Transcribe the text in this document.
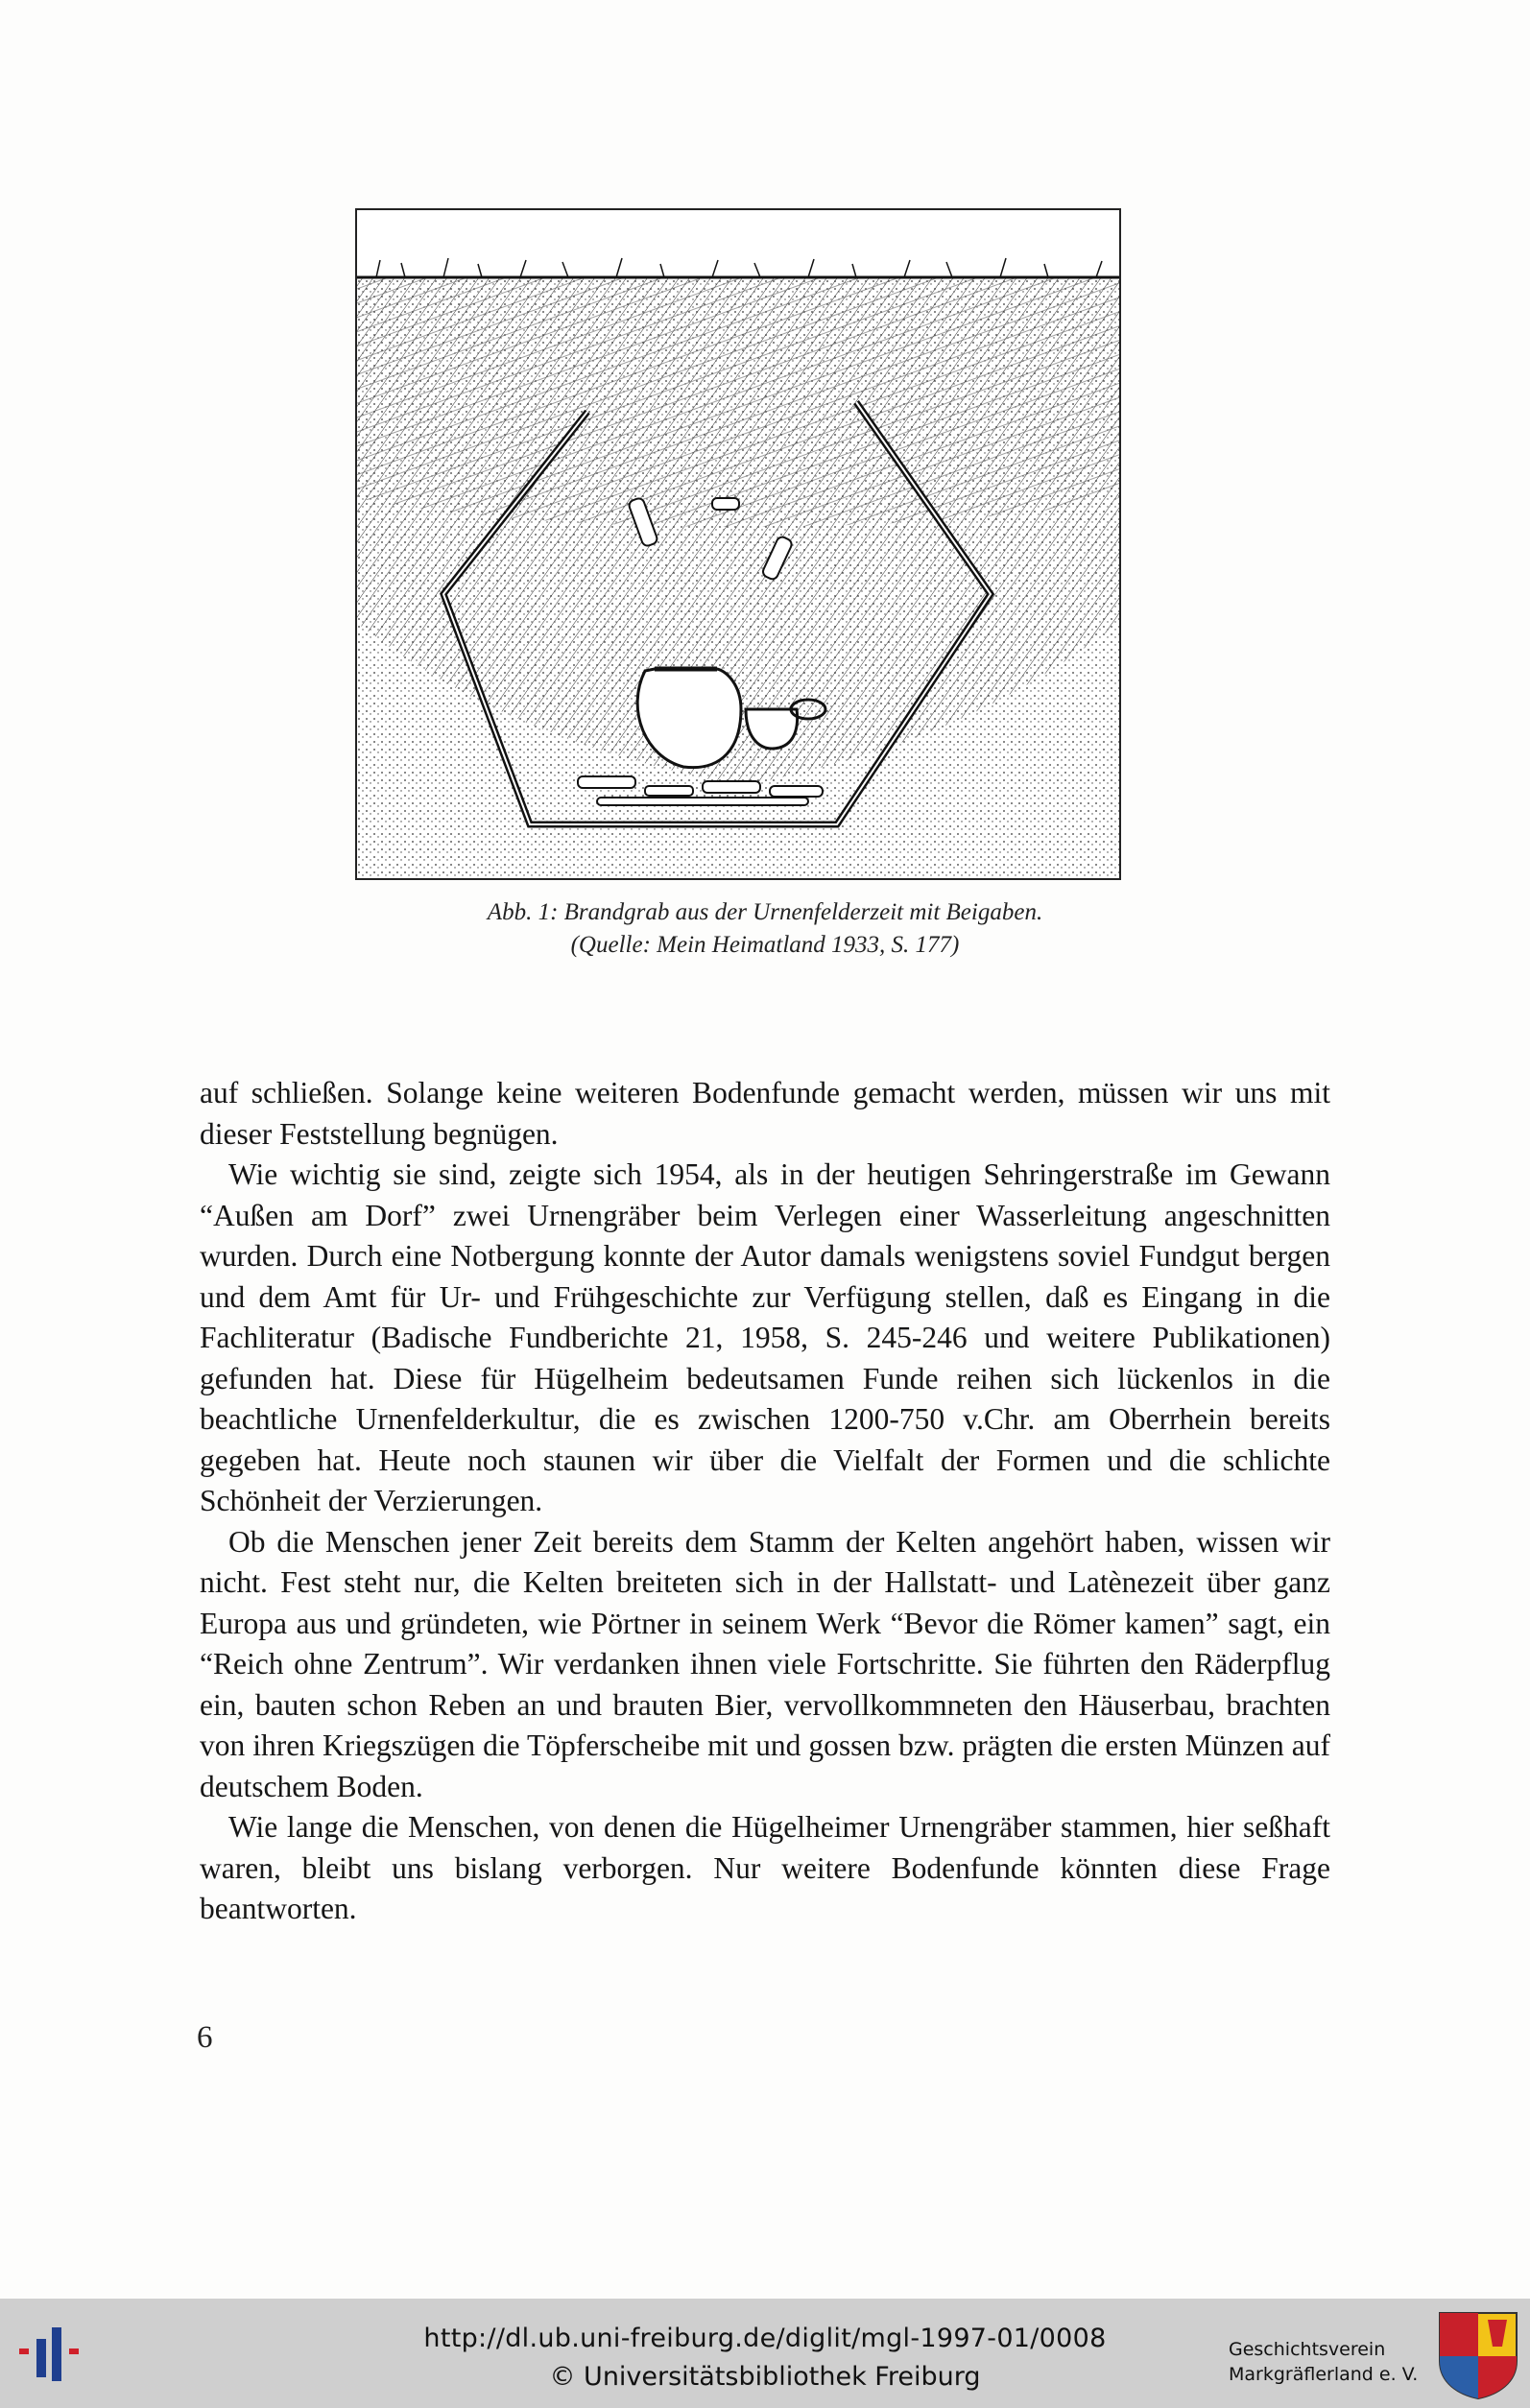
Abb. 1: Brandgrab aus der Urnenfelderzeit mit Beigaben.
(Quelle: Mein Heimatland 1933, S. 177)

auf schließen. Solange keine weiteren Bodenfunde gemacht werden, müssen wir uns mit dieser Feststellung begnügen.

Wie wichtig sie sind, zeigte sich 1954, als in der heutigen Sehringerstraße im Gewann “Außen am Dorf” zwei Urnengräber beim Verlegen einer Wasserleitung angeschnitten wurden. Durch eine Notbergung konnte der Autor damals wenigstens soviel Fundgut bergen und dem Amt für Ur- und Frühgeschichte zur Verfügung stellen, daß es Eingang in die Fachliteratur (Badische Fundberichte 21, 1958, S. 245-246 und weitere Publikationen) gefunden hat. Diese für Hügelheim bedeutsamen Funde reihen sich lückenlos in die beachtliche Urnenfelderkultur, die es zwischen 1200-750 v.Chr. am Oberrhein bereits gegeben hat. Heute noch staunen wir über die Vielfalt der Formen und die schlichte Schönheit der Verzierungen.

Ob die Menschen jener Zeit bereits dem Stamm der Kelten angehört haben, wissen wir nicht. Fest steht nur, die Kelten breiteten sich in der Hallstatt- und Latènezeit über ganz Europa aus und gründeten, wie Pörtner in seinem Werk “Bevor die Römer kamen” sagt, ein “Reich ohne Zentrum”. Wir verdanken ihnen viele Fortschritte. Sie führten den Räderpflug ein, bauten schon Reben an und brauten Bier, vervollkommneten den Häuserbau, brachten von ihren Kriegszügen die Töpferscheibe mit und gossen bzw. prägten die ersten Münzen auf deutschem Boden.

Wie lange die Menschen, von denen die Hügelheimer Urnengräber stammen, hier seßhaft waren, bleibt uns bislang verborgen. Nur weitere Bodenfunde könnten diese Frage beantworten.

6
http://dl.ub.uni-freiburg.de/diglit/mgl-1997-01/0008
© Universitätsbibliothek Freiburg
Geschichtsverein
Markgräflerland e. V.
